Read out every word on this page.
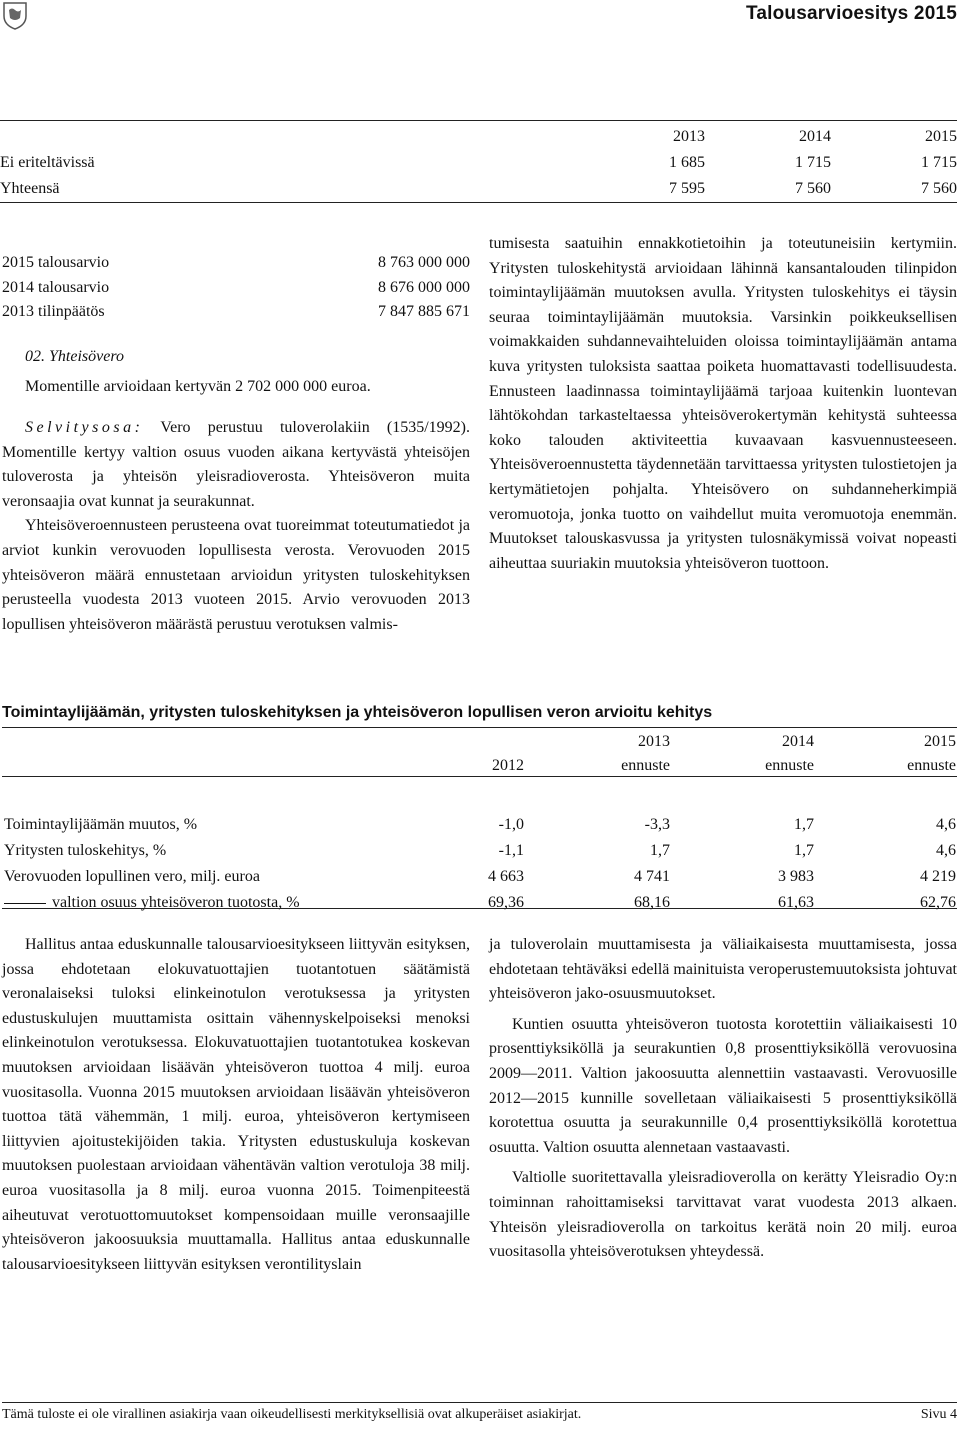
Talousarvioesitys 2015
	2013	2014	2015
Ei eriteltävissä	1 685	1 715	1 715
Yhteensä	7 595	7 560	7 560
2015 talousarvio	8 763 000 000
2014 talousarvio	8 676 000 000
2013 tilinpäätös	7 847 885 671
02. Yhteisövero
Momentille arvioidaan kertyvän 2 702 000 000 euroa.

Selvitysosa: Vero perustuu tuloverolakiin (1535/1992). Momentille kertyy valtion osuus vuoden aikana kertyvästä yhteisöjen tuloverosta ja yhteisön yleisradioverosta. Yhteisöveron muita veronsaajia ovat kunnat ja seurakunnat.

Yhteisöveroennusteen perusteena ovat tuoreimmat toteutumatiedot ja arviot kunkin verovuoden lopullisesta verosta. Verovuoden 2015 yhteisöveron määrä ennustetaan arvioidun yritysten tuloskehityksen perusteella vuodesta 2013 vuoteen 2015. Arvio verovuoden 2013 lopullisen yhteisöveron määrästä perustuu verotuksen valmis-

tumisesta saatuihin ennakkotietoihin ja toteutuneisiin kertymiin. Yritysten tuloskehitystä arvioidaan lähinnä kansantalouden tilinpidon toimintaylijäämän muutoksen avulla. Yritysten tuloskehitys ei täysin seuraa toimintaylijäämän muutoksia. Varsinkin poikkeuksellisen voimakkaiden suhdannevaihteluiden oloissa toimintaylijäämän antama kuva yritysten tuloksista saattaa poiketa huomattavasti todellisuudesta. Ennusteen laadinnassa toimintaylijäämä tarjoaa kuitenkin luontevan lähtökohdan tarkasteltaessa yhteisöverokertymän kehitystä suhteessa koko talouden aktiviteettia kuvaavaan kasvuennusteeseen. Yhteisöveroennustetta täydennetään tarvittaessa yritysten tulostietojen ja kertymätietojen pohjalta. Yhteisövero on suhdanneherkimpiä veromuotoja, jonka tuotto on vaihdellut muita veromuotoja enemmän. Muutokset talouskasvussa ja yritysten tulosnäkymissä voivat nopeasti aiheuttaa suuriakin muutoksia yhteisöveron tuottoon.

Toimintaylijäämän, yritysten tuloskehityksen ja yhteisöveron lopullisen veron arvioitu kehitys
		2013	2014	2015
	2012	ennuste	ennuste	ennuste

Toimintaylijäämän muutos, %	-1,0	-3,3	1,7	4,6
Yritysten tuloskehitys, %	-1,1	1,7	1,7	4,6
Verovuoden lopullinen vero, milj. euroa	4 663	4 741	3 983	4 219
valtion osuus yhteisöveron tuotosta, %	69,36	68,16	61,63	62,76

Hallitus antaa eduskunnalle talousarvioesitykseen liittyvän esityksen, jossa ehdotetaan elokuvatuottajien tuotantotuen säätämistä veronalaiseksi tuloksi elinkeinotulon verotuksessa ja yritysten edustuskulujen muuttamista osittain vähennyskelpoiseksi menoksi elinkeinotulon verotuksessa. Elokuvatuottajien tuotantotukea koskevan muutoksen arvioidaan lisäävän yhteisöveron tuottoa 4 milj. euroa vuositasolla. Vuonna 2015 muutoksen arvioidaan lisäävän yhteisöveron tuottoa tätä vähemmän, 1 milj. euroa, yhteisöveron kertymiseen liittyvien ajoitustekijöiden takia. Yritysten edustuskuluja koskevan muutoksen puolestaan arvioidaan vähentävän valtion verotuloja 38 milj. euroa vuositasolla ja 8 milj. euroa vuonna 2015. Toimenpiteestä aiheutuvat verotuottomuutokset kompensoidaan muille veronsaajille yhteisöveron jakoosuuksia muuttamalla. Hallitus antaa eduskunnalle talousarvioesitykseen liittyvän esityksen verontilityslain

ja tuloverolain muuttamisesta ja väliaikaisesta muuttamisesta, jossa ehdotetaan tehtäväksi edellä mainituista veroperustemuutoksista johtuvat yhteisöveron jako-osuusmuutokset.

Kuntien osuutta yhteisöveron tuotosta korotettiin väliaikaisesti 10 prosenttiyksiköllä ja seurakuntien 0,8 prosenttiyksiköllä verovuosina 2009—2011. Valtion jakoosuutta alennettiin vastaavasti. Verovuosille 2012—2015 kunnille sovelletaan väliaikaisesti 5 prosenttiyksiköllä korotettua osuutta ja seurakunnille 0,4 prosenttiyksiköllä korotettua osuutta. Valtion osuutta alennetaan vastaavasti.

Valtiolle suoritettavalla yleisradioverolla on kerätty Yleisradio Oy:n toiminnan rahoittamiseksi tarvittavat varat vuodesta 2013 alkaen. Yhteisön yleisradioverolla on tarkoitus kerätä noin 20 milj. euroa vuositasolla yhteisöverotuksen yhteydessä.

Tämä tuloste ei ole virallinen asiakirja vaan oikeudellisesti merkityksellisiä ovat alkuperäiset asiakirjat.	Sivu 4
